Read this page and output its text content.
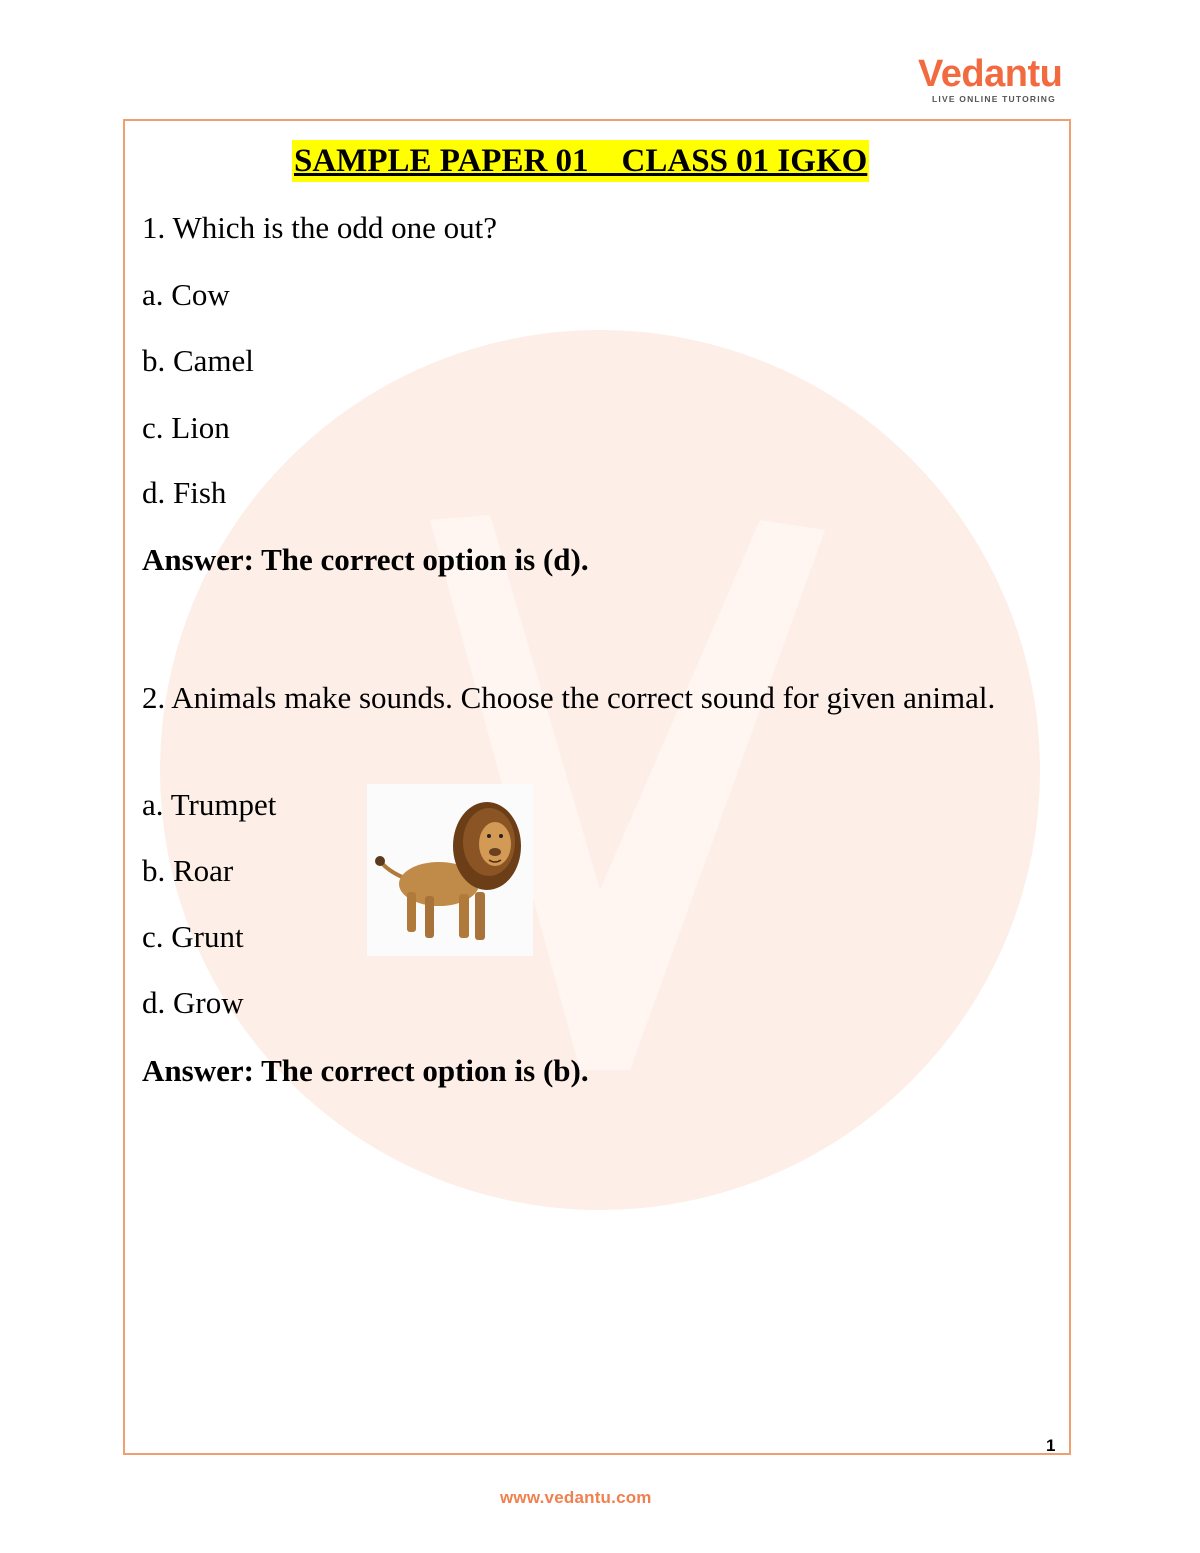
Vedantu
LIVE ONLINE TUTORING
SAMPLE PAPER 01    CLASS 01 IGKO
1. Which is the odd one out?
a. Cow
b. Camel
c. Lion
d. Fish
Answer: The correct option is (d).
2. Animals make sounds. Choose the correct sound for given animal.
a. Trumpet
b. Roar
c. Grunt
d. Grow
Answer: The correct option is (b).
1
www.vedantu.com
